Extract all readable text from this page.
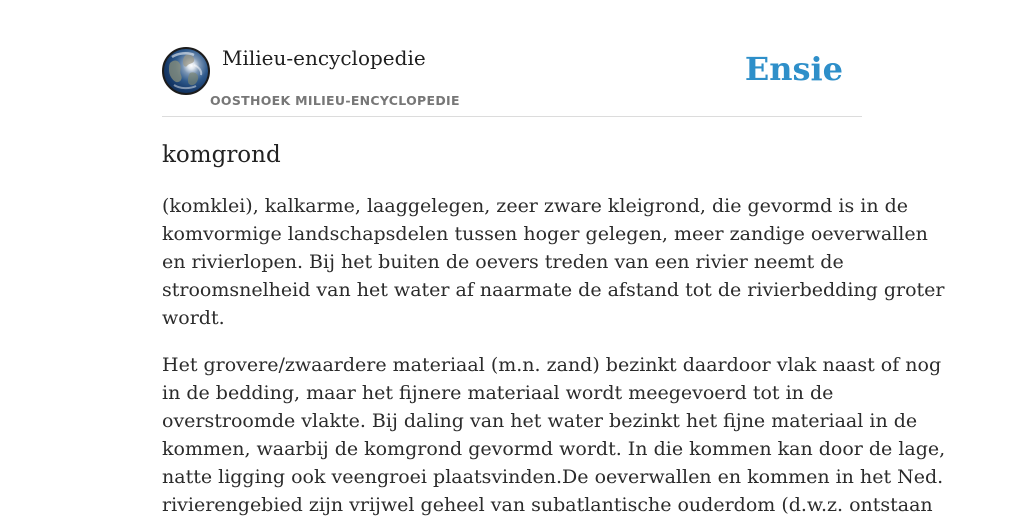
Milieu-encyclopedie
OOSTHOEK MILIEU-ENCYCLOPEDIE
Ensie
komgrond

(komklei), kalkarme, laaggelegen, zeer zware kleigrond, die gevormd is in de
komvormige landschapsdelen tussen hoger gelegen, meer zandige oeverwallen
en rivierlopen. Bij het buiten de oevers treden van een rivier neemt de
stroomsnelheid van het water af naarmate de afstand tot de rivierbedding groter
wordt.

Het grovere/zwaardere materiaal (m.n. zand) bezinkt daardoor vlak naast of nog
in de bedding, maar het fijnere materiaal wordt meegevoerd tot in de
overstroomde vlakte. Bij daling van het water bezinkt het fijne materiaal in de
kommen, waarbij de komgrond gevormd wordt. In die kommen kan door de lage,
natte ligging ook veengroei plaatsvinden.De oeverwallen en kommen in het Ned.
rivierengebied zijn vrijwel geheel van subatlantische ouderdom (d.w.z. ontstaan
